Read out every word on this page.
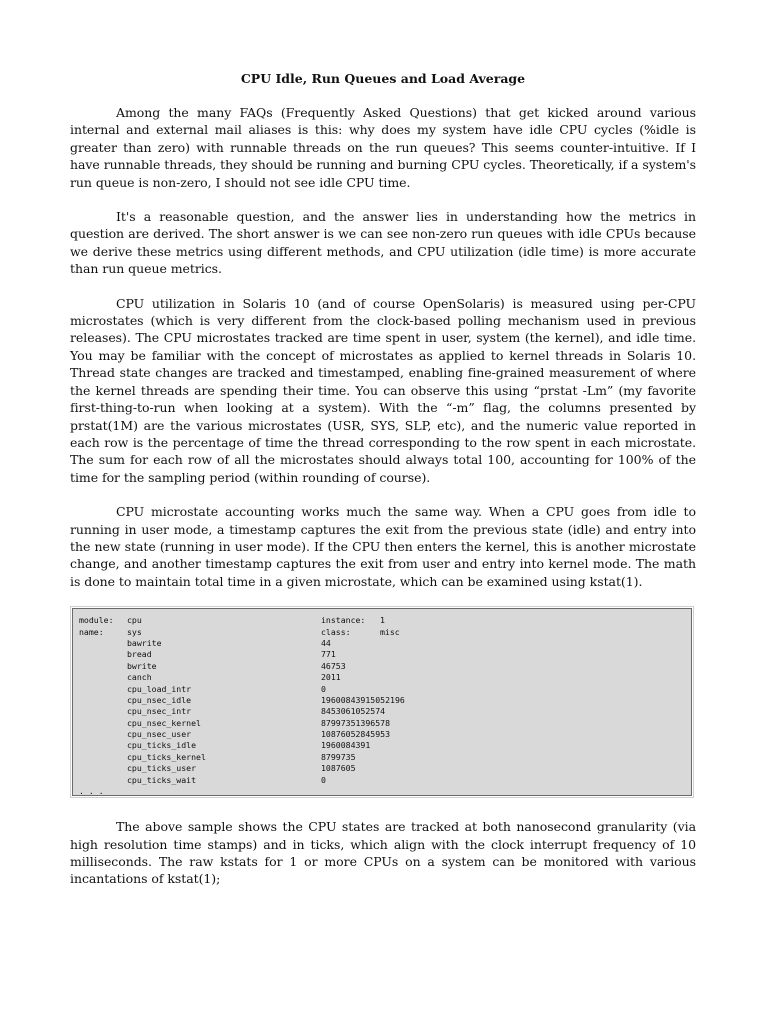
CPU Idle, Run Queues and Load Average

Among the many FAQs (Frequently Asked Questions) that get kicked around various internal and external mail aliases is this: why does my system have idle CPU cycles (%idle is greater than zero) with runnable threads on the run queues? This seems counter-intuitive. If I have runnable threads, they should be running and burning CPU cycles. Theoretically, if a system's run queue is non-zero, I should not see idle CPU time.

It's a reasonable question, and the answer lies in understanding how the metrics in question are derived. The short answer is we can see non-zero run queues with idle CPUs because we derive these metrics using different methods, and CPU utilization (idle time) is more accurate than run queue metrics.

CPU utilization in Solaris 10 (and of course OpenSolaris) is measured using per-CPU microstates (which is very different from the clock-based polling mechanism used in previous releases). The CPU microstates tracked are time spent in user, system (the kernel), and idle time. You may be familiar with the concept of microstates as applied to kernel threads in Solaris 10. Thread state changes are tracked and timestamped, enabling fine-grained measurement of where the kernel threads are spending their time. You can observe this using “prstat -Lm” (my favorite first-thing-to-run when looking at a system). With the “-m” flag, the columns presented by prstat(1M) are the various microstates (USR, SYS, SLP, etc), and the numeric value reported in each row is the percentage of time the thread corresponding to the row spent in each microstate. The sum for each row of all the microstates should always total 100, accounting for 100% of the time for the sampling period (within rounding of course).

CPU microstate accounting works much the same way. When a CPU goes from idle to running in user mode, a timestamp captures the exit from the previous state (idle) and entry into the new state (running in user mode). If the CPU then enters the kernel, this is another microstate change, and another timestamp captures the exit from user and entry into kernel mode. The math is done to maintain total time in a given microstate, which can be examined using kstat(1).

module:	cpu	instance:	1
name:	sys	class:	misc
bawrite	44
bread	771
bwrite	46753
canch	2011
cpu_load_intr	0
cpu_nsec_idle	19600843915052196
cpu_nsec_intr	8453061052574
cpu_nsec_kernel	87997351396578
cpu_nsec_user	10876052845953
cpu_ticks_idle	1960084391
cpu_ticks_kernel	8799735
cpu_ticks_user	1087605
cpu_ticks_wait	0
. . .

The above sample shows the CPU states are tracked at both nanosecond granularity (via high resolution time stamps) and in ticks, which align with the clock interrupt frequency of 10 milliseconds. The raw kstats for 1 or more CPUs on a system can be monitored with various incantations of kstat(1);
